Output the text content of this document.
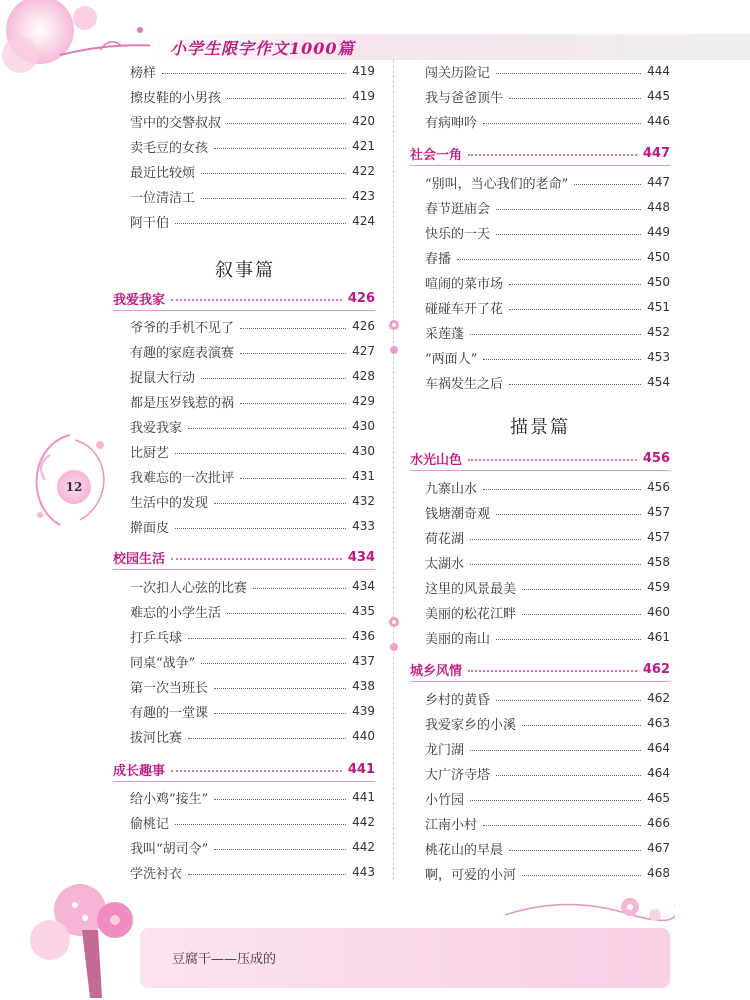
小学生限字作文1000篇
榜样	419
擦皮鞋的小男孩	419
雪中的交警叔叔	420
卖毛豆的女孩	421
最近比较烦	422
一位清洁工	423
阿干伯	424
叙事篇
我爱我家	426
爷爷的手机不见了	426
有趣的家庭表演赛	427
捉鼠大行动	428
都是压岁钱惹的祸	429
我爱我家	430
比厨艺	430
我难忘的一次批评	431
生活中的发现	432
擀面皮	433
校园生活	434
一次扣人心弦的比赛	434
难忘的小学生活	435
打乒乓球	436
同桌“战争”	437
第一次当班长	438
有趣的一堂课	439
拔河比赛	440
成长趣事	441
给小鸡“接生”	441
偷桃记	442
我叫“胡司令”	442
学洗衬衣	443
闯关历险记	444
我与爸爸顶牛	445
有病呻吟	446
社会一角	447
“别叫，当心我们的老命”	447
春节逛庙会	448
快乐的一天	449
春播	450
喧闹的菜市场	450
碰碰车开了花	451
采莲蓬	452
“两面人”	453
车祸发生之后	454
描景篇
水光山色	456
九寨山水	456
钱塘潮奇观	457
荷花湖	457
太湖水	458
这里的风景最美	459
美丽的松花江畔	460
美丽的南山	461
城乡风情	462
乡村的黄昏	462
我爱家乡的小溪	463
龙门湖	464
大广济寺塔	464
小竹园	465
江南小村	466
桃花山的早晨	467
啊，可爱的小河	468
12
豆腐干——压成的
